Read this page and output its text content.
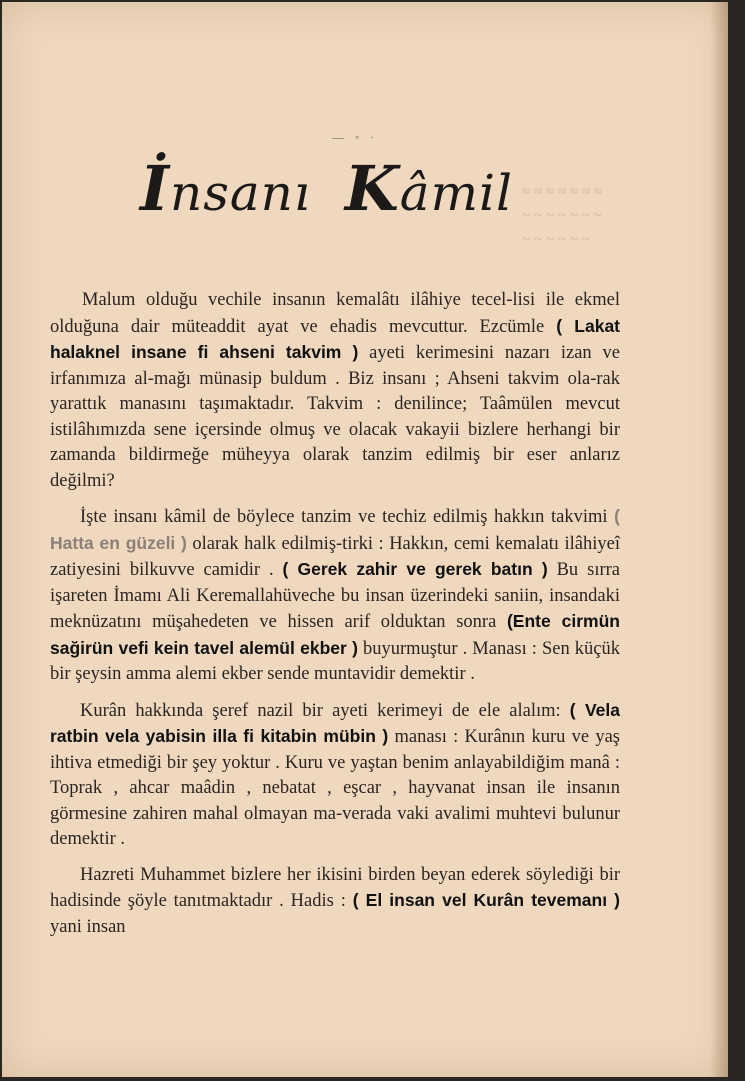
— ◦ ·
İnsanı Kâmil ≈ ≈ ≈ ≈ ≈ ≈ ≈
~ ~ ~ ~ ~ ~ ~
~ ~ ~ ~ ~ ~

Malum olduğu vechile insanın kemalâtı ilâhiye tecel-lisi ile ekmel olduğuna dair müteaddit ayat ve ehadis mevcuttur. Ezcümle ( Lakat halaknel insane fi ahseni takvim ) ayeti kerimesini nazarı izan ve irfanımıza al-mağı münasip buldum . Biz insanı ; Ahseni takvim ola-rak yarattık manasını taşımaktadır. Takvim : denilince; Taâmülen mevcut istilâhımızda sene içersinde olmuş ve olacak vakayii bizlere herhangi bir zamanda bildirmeğe müheyya olarak tanzim edilmiş bir eser anlarız değilmi?

İşte insanı kâmil de böylece tanzim ve techiz edilmiş hakkın takvimi ( Hatta en güzeli ) olarak halk edilmiş-tirki : Hakkın, cemi kemalatı ilâhiyeî zatiyesini bilkuvve camidir . ( Gerek zahir ve gerek batın ) Bu sırra işareten İmamı Ali Keremallahüveche bu insan üzerindeki saniin, insandaki meknüzatını müşahedeten ve hissen arif olduktan sonra (Ente cirmün sağirün vefi kein tavel alemül ekber ) buyurmuştur . Manası : Sen küçük bir şeysin amma alemi ekber sende muntavidir demektir .

Kurân hakkında şeref nazil bir ayeti kerimeyi de ele alalım: ( Vela ratbin vela yabisin illa fi kitabin mübin ) manası : Kurânın kuru ve yaş ihtiva etmediği bir şey yoktur . Kuru ve yaştan benim anlayabildiğim manâ : Toprak , ahcar maâdin , nebatat , eşcar , hayvanat insan ile insanın görmesine zahiren mahal olmayan ma-verada vaki avalimi muhtevi bulunur demektir .

Hazreti Muhammet bizlere her ikisini birden beyan ederek söylediği bir hadisinde şöyle tanıtmaktadır . Hadis : ( El insan vel Kurân tevemanı ) yani insan
